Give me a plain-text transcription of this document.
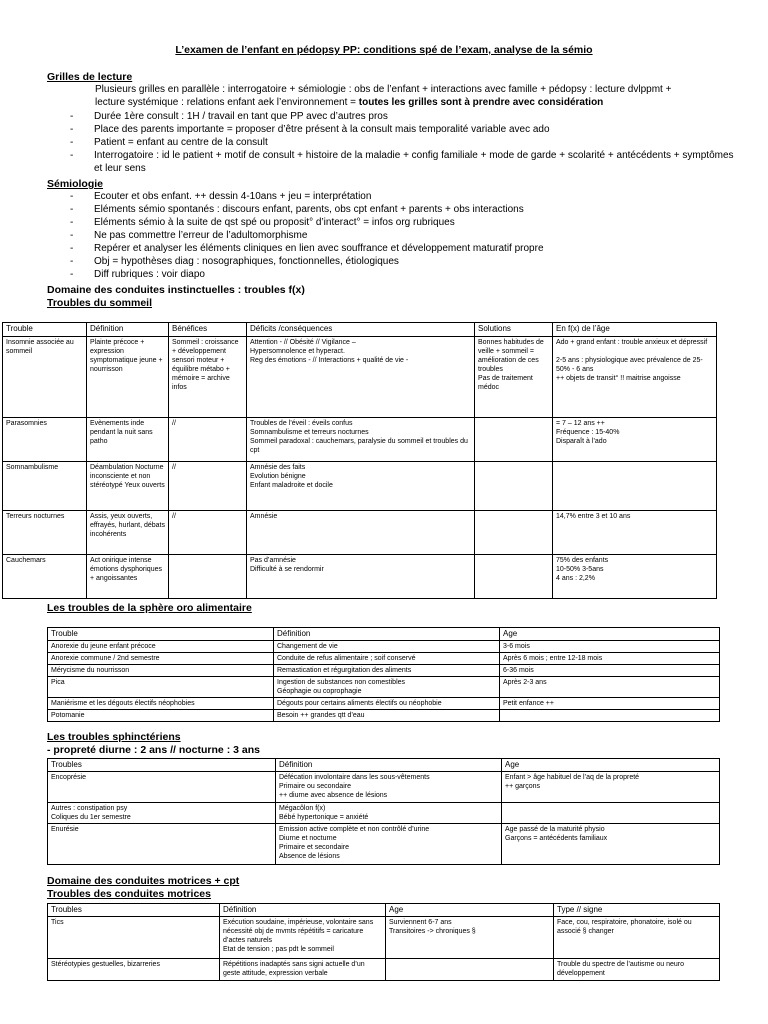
L’examen de l’enfant en pédopsy PP: conditions spé de l’exam, analyse de la sémio
Grilles de lecture
Plusieurs grilles en parallèle : interrogatoire + sémiologie : obs de l’enfant + interactions avec famille + pédopsy : lecture dvlppmt +
lecture systémique : relations enfant aek l’environnement = toutes les grilles sont à prendre avec considération
- Durée 1ère consult : 1H / travail en tant que PP avec d’autres pros
- Place des parents importante = proposer d’être présent à la consult mais temporalité variable avec ado
- Patient = enfant au centre de la consult
- Interrogatoire : id le patient + motif de consult + histoire de la maladie + config familiale + mode de garde + scolarité + antécédents + symptômes et leur sens
Sémiologie
- Ecouter et obs enfant. ++ dessin 4-10ans + jeu = interprétation
- Eléments sémio spontanés : discours enfant, parents, obs cpt enfant + parents + obs interactions
- Eléments sémio à la suite de qst spé ou proposit° d’interact° = infos org rubriques
- Ne pas commettre l’erreur de l’adultomorphisme
- Repérer et analyser les éléments cliniques en lien avec souffrance et développement maturatif propre
- Obj = hypothèses diag : nosographiques, fonctionnelles, étiologiques
- Diff rubriques : voir diapo
Domaine des conduites instinctuelles : troubles f(x)
Troubles du sommeil
Trouble	Définition	Bénéfices	Déficits /conséquences	Solutions	En f(x) de l’âge
Insomnie associée au sommeil	Plainte précoce + expression symptomatique jeune + nourrisson	Sommeil : croissance + développement sensori moteur + équilibre métabo + mémoire = archive infos	Attention - // Obésité // Vigilance –
Hypersomnolence et hyperact.
Reg des émotions - // Interactions + qualité de vie -	Bonnes habitudes de veille + sommeil = amélioration de ces troubles
Pas de traitement médoc	Ado + grand enfant : trouble anxieux et dépressif

2-5 ans : physiologique avec prévalence de 25-50% - 6 ans
++ objets de transit° !! maitrise angoisse
Parasomnies	Evènements inde pendant la nuit sans patho	//	Troubles de l’éveil : éveils confus
Somnambulisme et terreurs nocturnes
Sommeil paradoxal : cauchemars, paralysie du sommeil et troubles du cpt		= 7 – 12 ans ++
Fréquence : 15-40%
Disparaît à l’ado
Somnambulisme	Déambulation Nocturne inconsciente et non stéréotypé Yeux ouverts	//	Amnésie des faits
Evolution bénigne
Enfant maladroite et docile		
Terreurs nocturnes	Assis, yeux ouverts, effrayés, hurlant, débats incohérents	//	Amnésie		14,7% entre 3 et 10 ans
Cauchemars	Act onirique intense émotions dysphoriques + angoissantes		Pas d’amnésie
Difficulté à se rendormir		75% des enfants
10-50% 3-5ans
4 ans : 2,2%
Les troubles de la sphère oro alimentaire
Trouble	Définition	Age
Anorexie du jeune enfant précoce	Changement de vie	3-6 mois
Anorexie commune / 2nd semestre	Conduite de refus alimentaire ; soif conservé	Après 6 mois ; entre 12-18 mois
Mérycisme du nourrisson	Remastication et régurgitation des aliments	6-36 mois
Pica	Ingestion de substances non comestibles
Géophagie ou coprophagie	Après 2-3 ans
Maniérisme et les dégouts électifs néophobies	Dégouts pour certains aliments électifs ou néophobie	Petit enfance ++
Potomanie	Besoin ++ grandes qtt d’eau	
Les troubles sphinctériens
- propreté diurne : 2 ans // nocturne : 3 ans
Troubles	Définition	Age
Encoprésie	Défécation involontaire dans les sous-vêtements
Primaire ou secondaire
++ diurne avec absence de lésions	Enfant > âge habituel de l’aq de la propreté
++ garçons
Autres : constipation psy
Coliques du 1er semestre	Mégacôlon f(x)
Bébé hypertonique = anxiété	
Enurésie	Emission active complète et non contrôlé d’urine
Diurne et nocturne
Primaire et secondaire
Absence de lésions	Age passé de la maturité physio
Garçons = antécédents familiaux
Domaine des conduites motrices + cpt
Troubles des conduites motrices
Troubles	Définition	Age	Type // signe
Tics	Exécution soudaine, impérieuse, volontaire sans nécessité obj de mvmts répétitifs = caricature d’actes naturels
Etat de tension ; pas pdt le sommeil	Surviennent 6-7 ans
Transitoires -> chroniques §	Face, cou, respiratoire, phonatoire, isolé ou associé § changer
Stéréotypies gestuelles, bizarreries	Répétitions inadaptés sans signi actuelle d’un geste attitude, expression verbale		Trouble du spectre de l’autisme ou neuro développement
